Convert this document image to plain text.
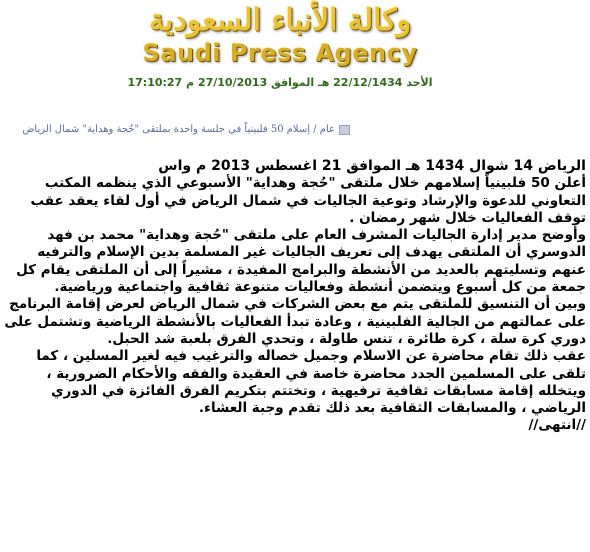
وكالة الأنباء السعودية
Saudi Press Agency
الأحد 22/12/1434 هـ الموافق 27/10/2013 م 17:10:27
عام / إسلام 50 فلبينياً في جلسة واحدة بملتقى "حُجة وهداية" شمال الرياض

الرياض 14 شوال 1434 هـ الموافق 21 اغسطس 2013 م واس

أعلن 50 فلبينياً إسلامهم خلال ملتقى "حُجة وهداية" الأسبوعي الذي ينظمه المكتب التعاوني للدعوة والإرشاد وتوعية الجاليات في شمال الرياض في أول لقاء يعقد عقب توقف الفعاليات خلال شهر رمضان .

وأوضح مدير إدارة الجاليات المشرف العام على ملتقى "حُجة وهداية" محمد بن فهد الدوسري أن الملتقى يهدف إلى تعريف الجاليات غير المسلمة بدين الإسلام والترفيه عنهم وتسليتهم بالعديد من الأنشطة والبرامج المفيدة ، مشيراً إلى أن الملتقى يقام كل جمعة من كل أسبوع ويتضمن أنشطة وفعاليات متنوعة ثقافية واجتماعية ورياضية.

وبين أن التنسيق للملتقى يتم مع بعض الشركات في شمال الرياض لعرض إقامة البرنامج على عمالتهم من الجالية الفلبينية ، وعادة تبدأ الفعاليات بالأنشطة الرياضية وتشتمل على دوري كرة سلة ، كرة طائرة ، تنس طاولة ، وتحدي الفرق بلعبة شد الحبل.

عقب ذلك تقام محاضرة عن الاسلام وجميل خصاله والترغيب فيه لغير المسلين ، كما تلقى على المسلمين الجدد محاضرة خاصة في العقيدة والفقه والأحكام الضرورية ، ويتخلله إقامة مسابقات ثقافية ترفيهية ، وتختتم بتكريم الفرق الفائزة في الدوري الرياضي ، والمسابقات الثقافية بعد ذلك تقدم وجبة العشاء.

//انتهى//
